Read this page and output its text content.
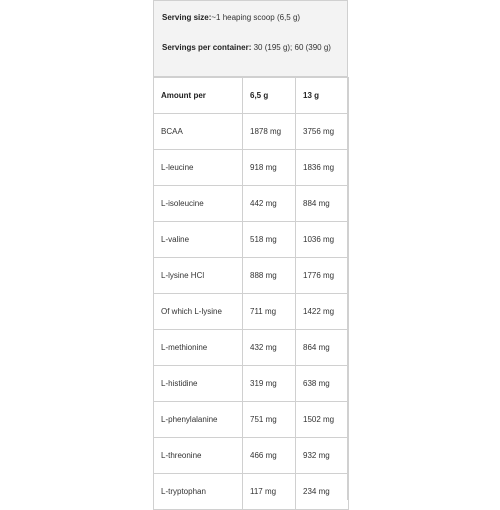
Serving size:~1 heaping scoop (6,5 g)
Servings per container: 30 (195 g); 60 (390 g)
Amount per	6,5 g	13 g
BCAA	1878 mg	3756 mg
L-leucine	918 mg	1836 mg
L-isoleucine	442 mg	884 mg
L-valine	518 mg	1036 mg
L-lysine HCl	888 mg	1776 mg
Of which L-lysine	711 mg	1422 mg
L-methionine	432 mg	864 mg
L-histidine	319 mg	638 mg
L-phenylalanine	751 mg	1502 mg
L-threonine	466 mg	932 mg
L-tryptophan	117 mg	234 mg
